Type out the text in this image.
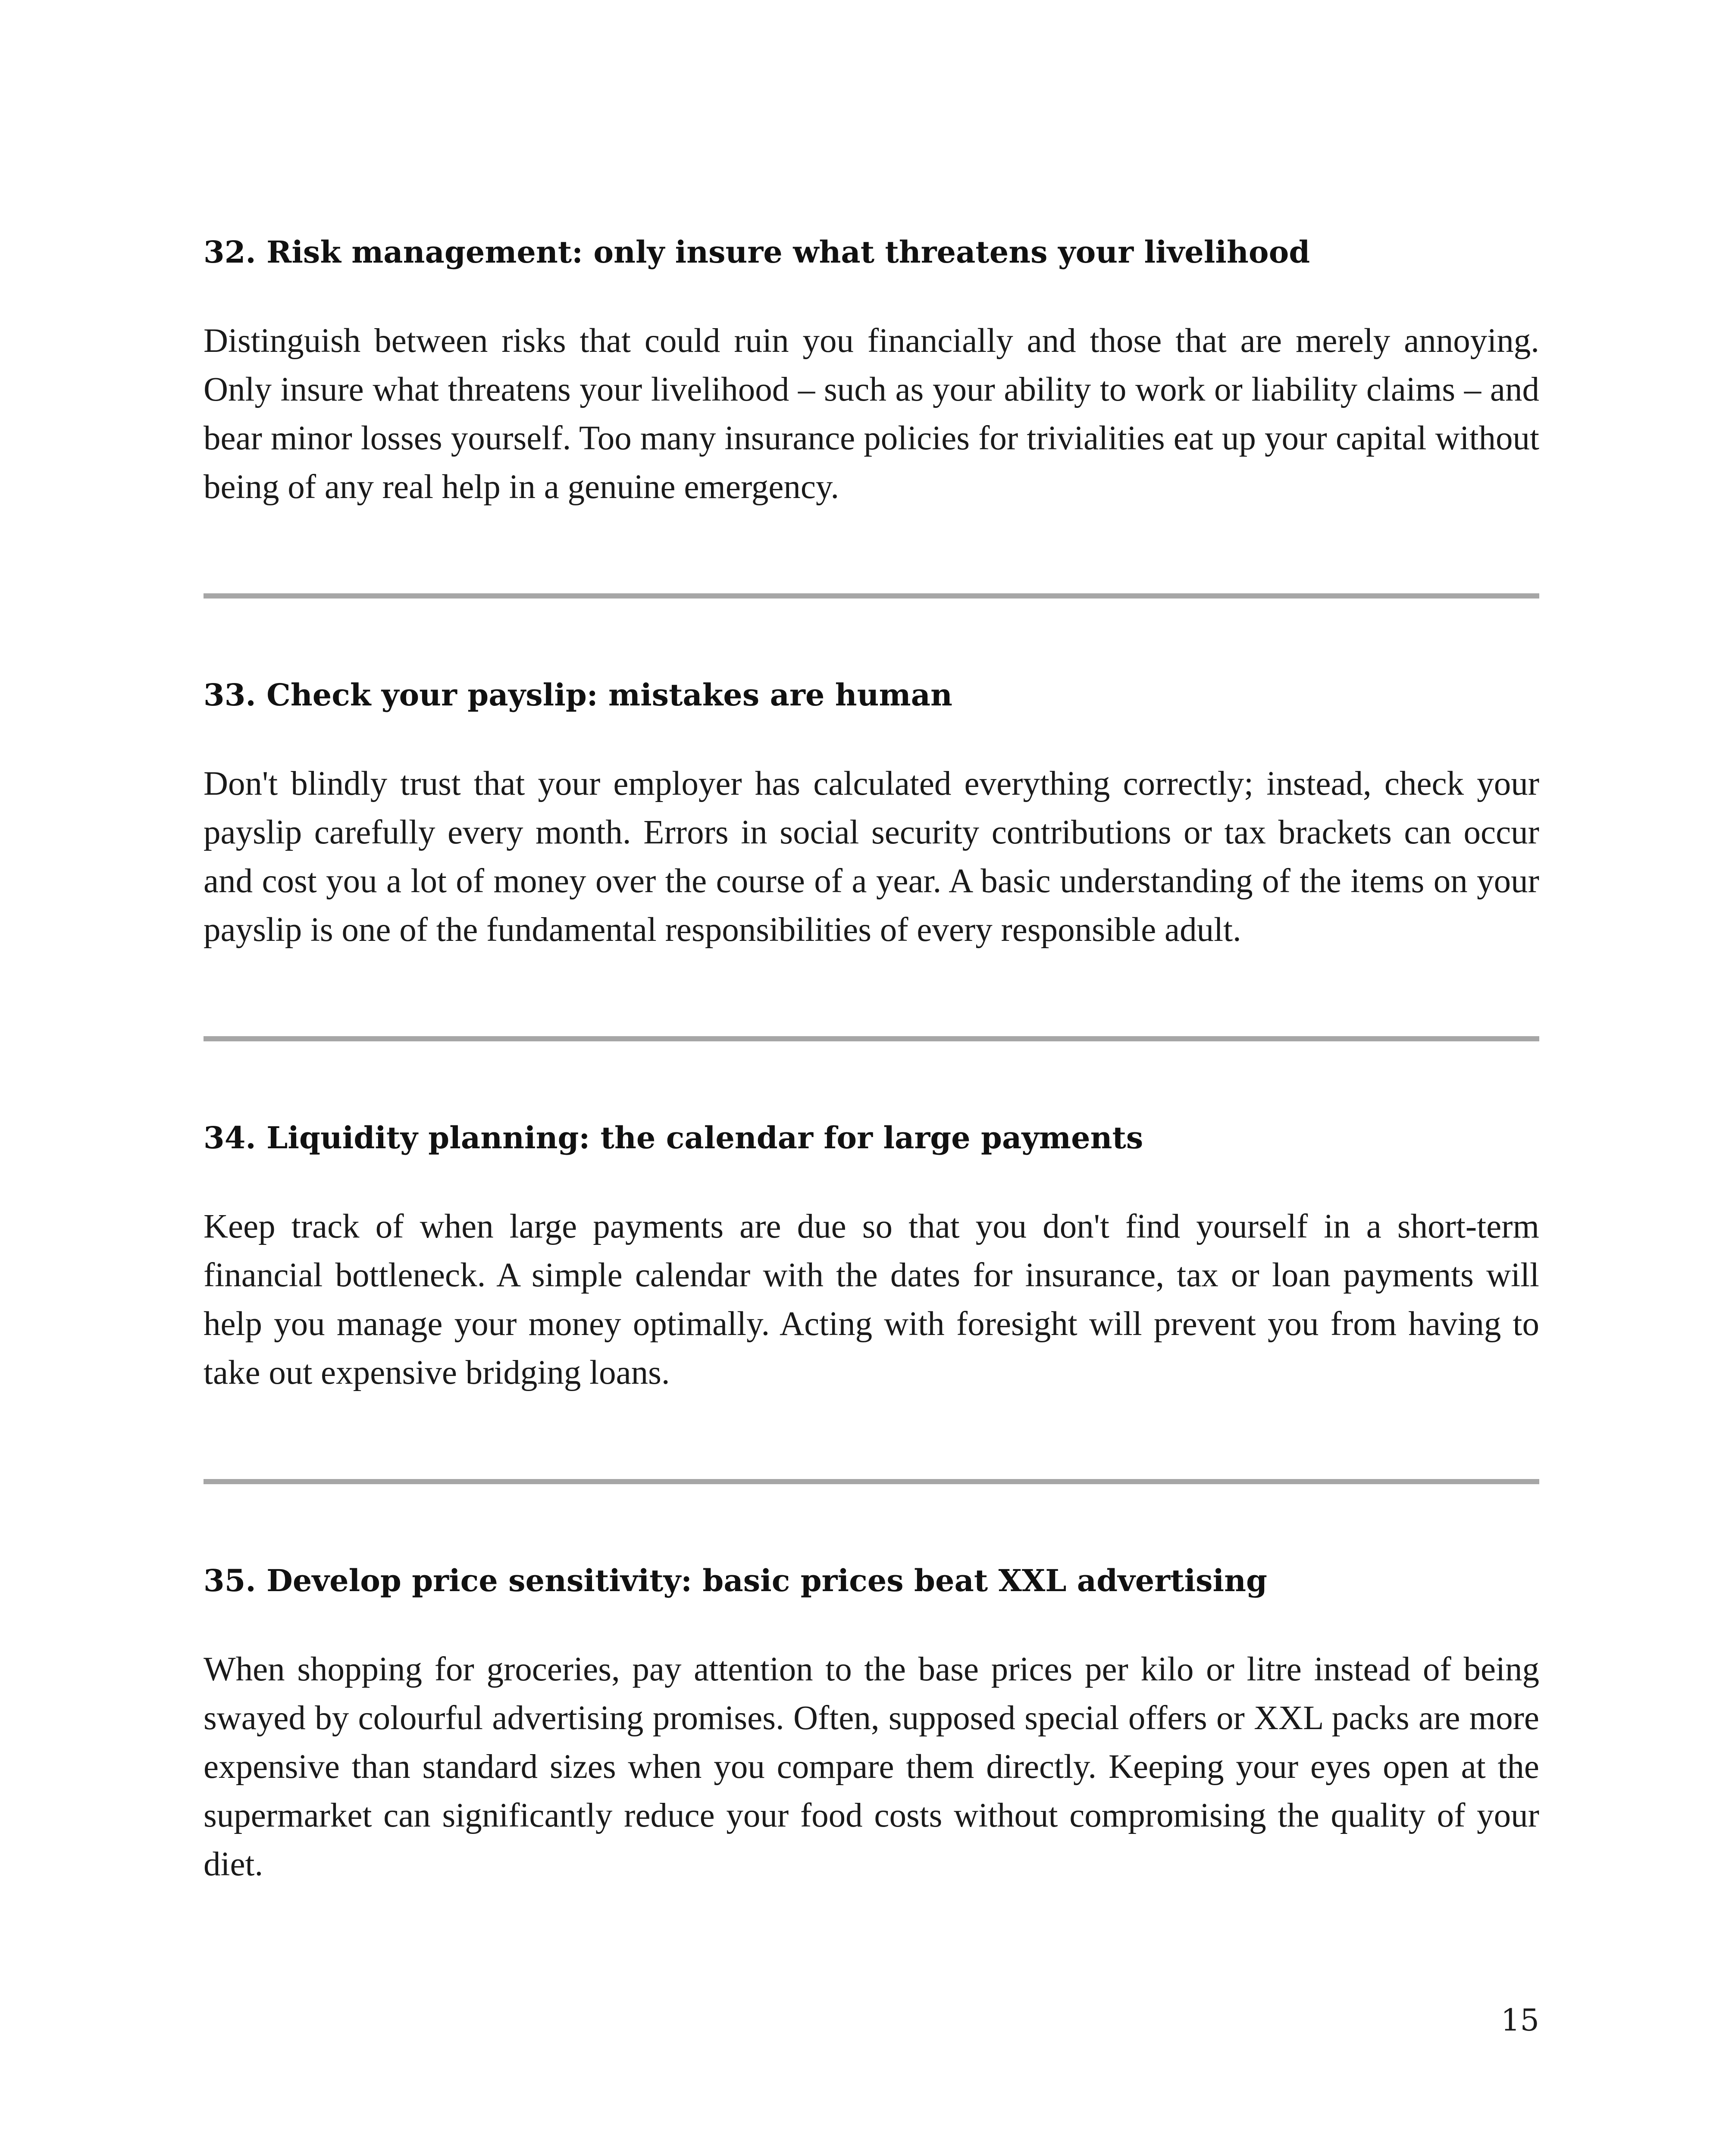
32. Risk management: only insure what threatens your livelihood

Distinguish between risks that could ruin you financially and those that are merely annoying. Only insure what threatens your livelihood – such as your ability to work or liability claims – and bear minor losses yourself. Too many insurance policies for trivialities eat up your capital without being of any real help in a genuine emergency.

33. Check your payslip: mistakes are human

Don't blindly trust that your employer has calculated everything correctly; instead, check your payslip carefully every month. Errors in social security contributions or tax brackets can occur and cost you a lot of money over the course of a year. A basic understanding of the items on your payslip is one of the fundamental responsibilities of every responsible adult.

34. Liquidity planning: the calendar for large payments

Keep track of when large payments are due so that you don't find yourself in a short-term financial bottleneck. A simple calendar with the dates for insurance, tax or loan payments will help you manage your money optimally. Acting with foresight will prevent you from having to take out expensive bridging loans.

35. Develop price sensitivity: basic prices beat XXL advertising

When shopping for groceries, pay attention to the base prices per kilo or litre instead of being swayed by colourful advertising promises. Often, supposed special offers or XXL packs are more expensive than standard sizes when you compare them directly. Keeping your eyes open at the supermarket can significantly reduce your food costs without compromising the quality of your diet.

15
